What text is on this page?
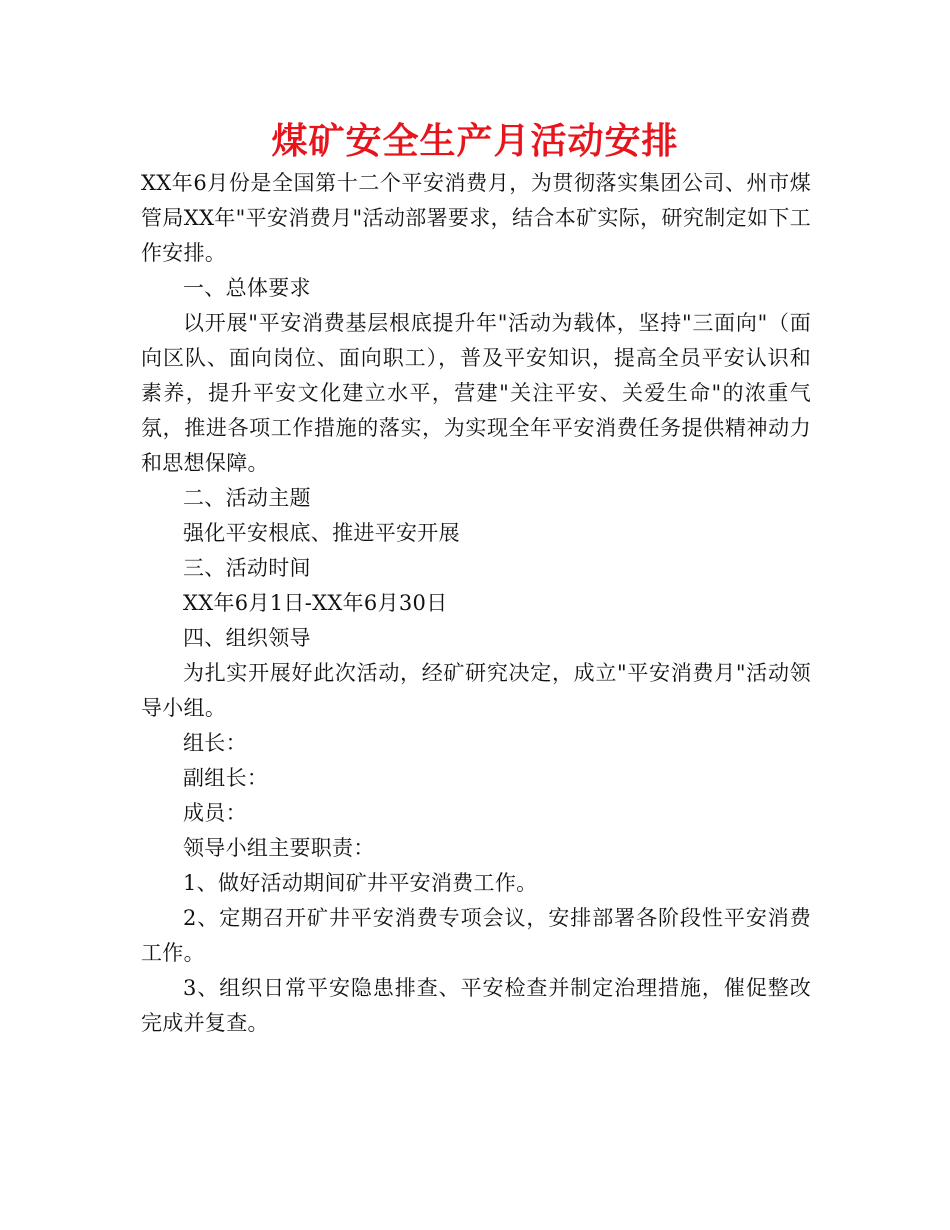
煤矿安全生产月活动安排

XX年6月份是全国第十二个平安消费月，为贯彻落实集团公司、州市煤管局XX年"平安消费月"活动部署要求，结合本矿实际，研究制定如下工作安排。

一、总体要求

以开展"平安消费基层根底提升年"活动为载体，坚持"三面向"（面向区队、面向岗位、面向职工），普及平安知识，提高全员平安认识和素养，提升平安文化建立水平，营建"关注平安、关爱生命"的浓重气氛，推进各项工作措施的落实，为实现全年平安消费任务提供精神动力和思想保障。

二、活动主题

强化平安根底、推进平安开展

三、活动时间

XX年6月1日-XX年6月30日

四、组织领导

为扎实开展好此次活动，经矿研究决定，成立"平安消费月"活动领导小组。

组长：

副组长：

成员：

领导小组主要职责：

1、做好活动期间矿井平安消费工作。

2、定期召开矿井平安消费专项会议，安排部署各阶段性平安消费工作。

3、组织日常平安隐患排查、平安检查并制定治理措施，催促整改完成并复查。
